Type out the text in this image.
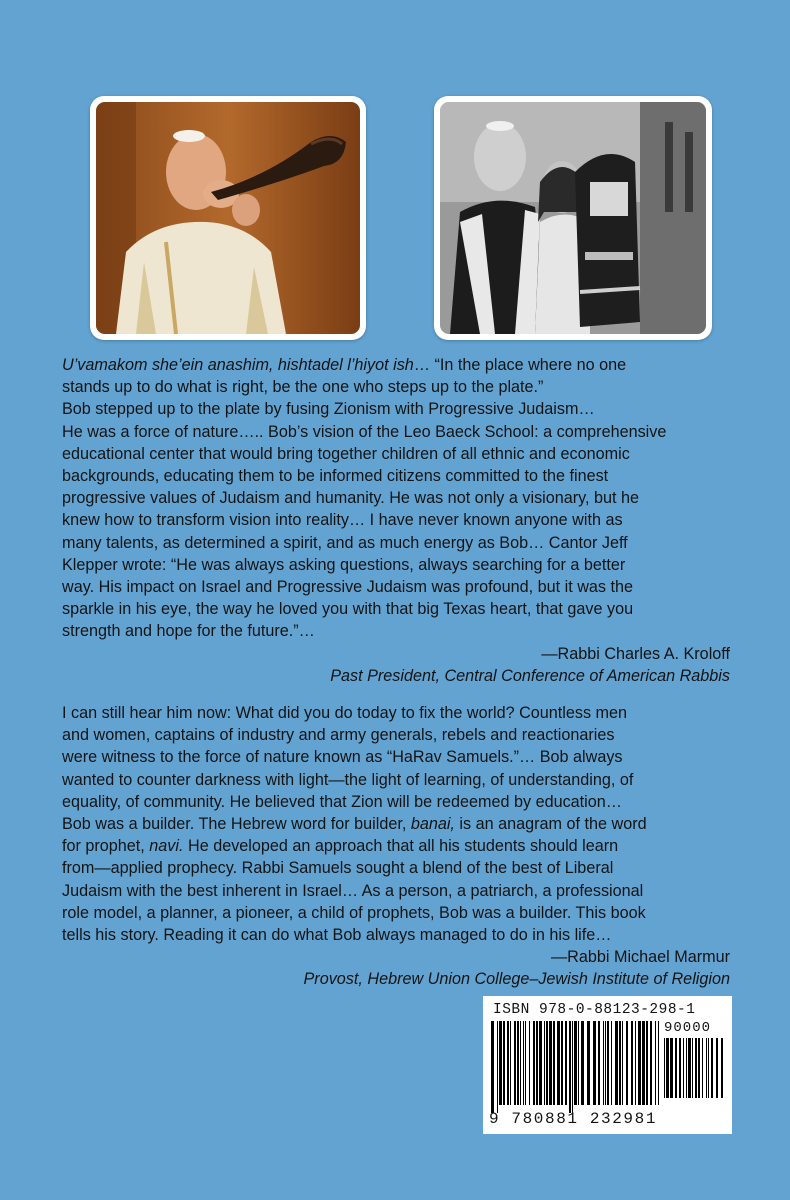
U’vamakom she’ein anashim, hishtadel l’hiyot ish… “In the place where no one
stands up to do what is right, be the one who steps up to the plate.”
Bob stepped up to the plate by fusing Zionism with Progressive Judaism…
He was a force of nature….. Bob’s vision of the Leo Baeck School: a comprehensive
educational center that would bring together children of all ethnic and economic
backgrounds, educating them to be informed citizens committed to the finest
progressive values of Judaism and humanity. He was not only a visionary, but he
knew how to transform vision into reality… I have never known anyone with as
many talents, as determined a spirit, and as much energy as Bob… Cantor Jeff
Klepper wrote: “He was always asking questions, always searching for a better
way. His impact on Israel and Progressive Judaism was profound, but it was the
sparkle in his eye, the way he loved you with that big Texas heart, that gave you
strength and hope for the future.”…
—Rabbi Charles A. Kroloff
Past President, Central Conference of American Rabbis
I can still hear him now: What did you do today to fix the world? Countless men
and women, captains of industry and army generals, rebels and reactionaries
were witness to the force of nature known as “HaRav Samuels.”… Bob always
wanted to counter darkness with light—the light of learning, of understanding, of
equality, of community. He believed that Zion will be redeemed by education…
Bob was a builder. The Hebrew word for builder, banai, is an anagram of the word
for prophet, navi. He developed an approach that all his students should learn
from—applied prophecy. Rabbi Samuels sought a blend of the best of Liberal
Judaism with the best inherent in Israel… As a person, a patriarch, a professional
role model, a planner, a pioneer, a child of prophets, Bob was a builder. This book
tells his story. Reading it can do what Bob always managed to do in his life…
—Rabbi Michael Marmur
Provost, Hebrew Union College–Jewish Institute of Religion
ISBN 978-0-88123-298-1
90000
9 780881 232981
